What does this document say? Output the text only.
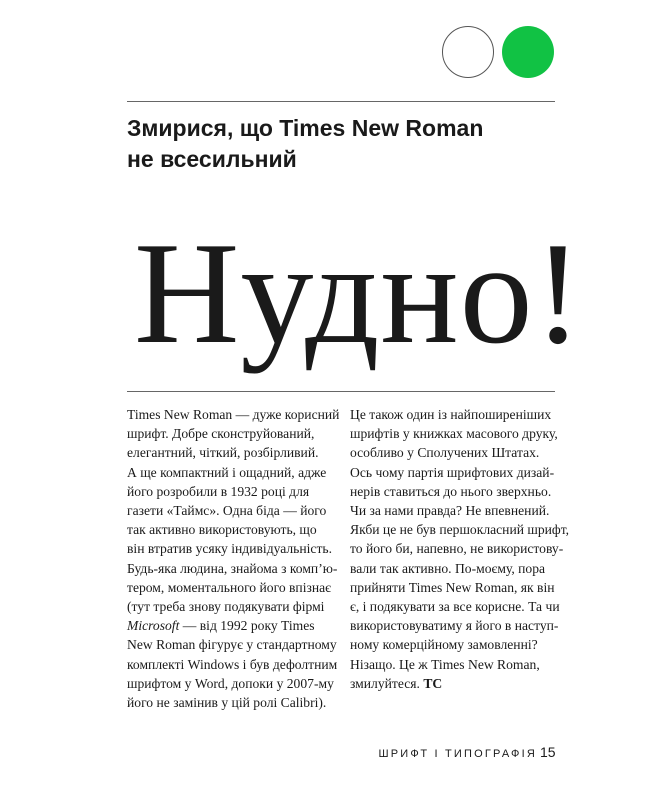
Змирися, що Times New Roman
не всесильний
Нудно!
Times New Roman — дуже корисний
шрифт. Добре сконструйований,
елегантний, чіткий, розбірливий.
А ще компактний і ощадний, адже
його розробили в 1932 році для
газети «Таймс». Одна біда — його
так активно використовують, що
він втратив усяку індивідуальність.
Будь-яка людина, знайома з комп’ю-
тером, моментального його впізнає
(тут треба знову подякувати фірмі
Microsoft — від 1992 року Times
New Roman фігурує у стандартному
комплекті Windows і був дефолтним
шрифтом у Word, допоки у 2007-му
його не замінив у цій ролі Calibri).
Це також один із найпоширеніших
шрифтів у книжках масового друку,
особливо у Сполучених Штатах.
Ось чому партія шрифтових дизай-
нерів ставиться до нього зверхньо.
Чи за нами правда? Не впевнений.
Якби це не був першокласний шрифт,
то його би, напевно, не використову-
вали так активно. По-моєму, пора
прийняти Times New Roman, як він
є, і подякувати за все корисне. Та чи
використовуватиму я його в наступ-
ному комерційному замовленні?
Нізащо. Це ж Times New Roman,
змилуйтеся. ТС
ШРИФТ І ТИПОГРАФІЯ 15
